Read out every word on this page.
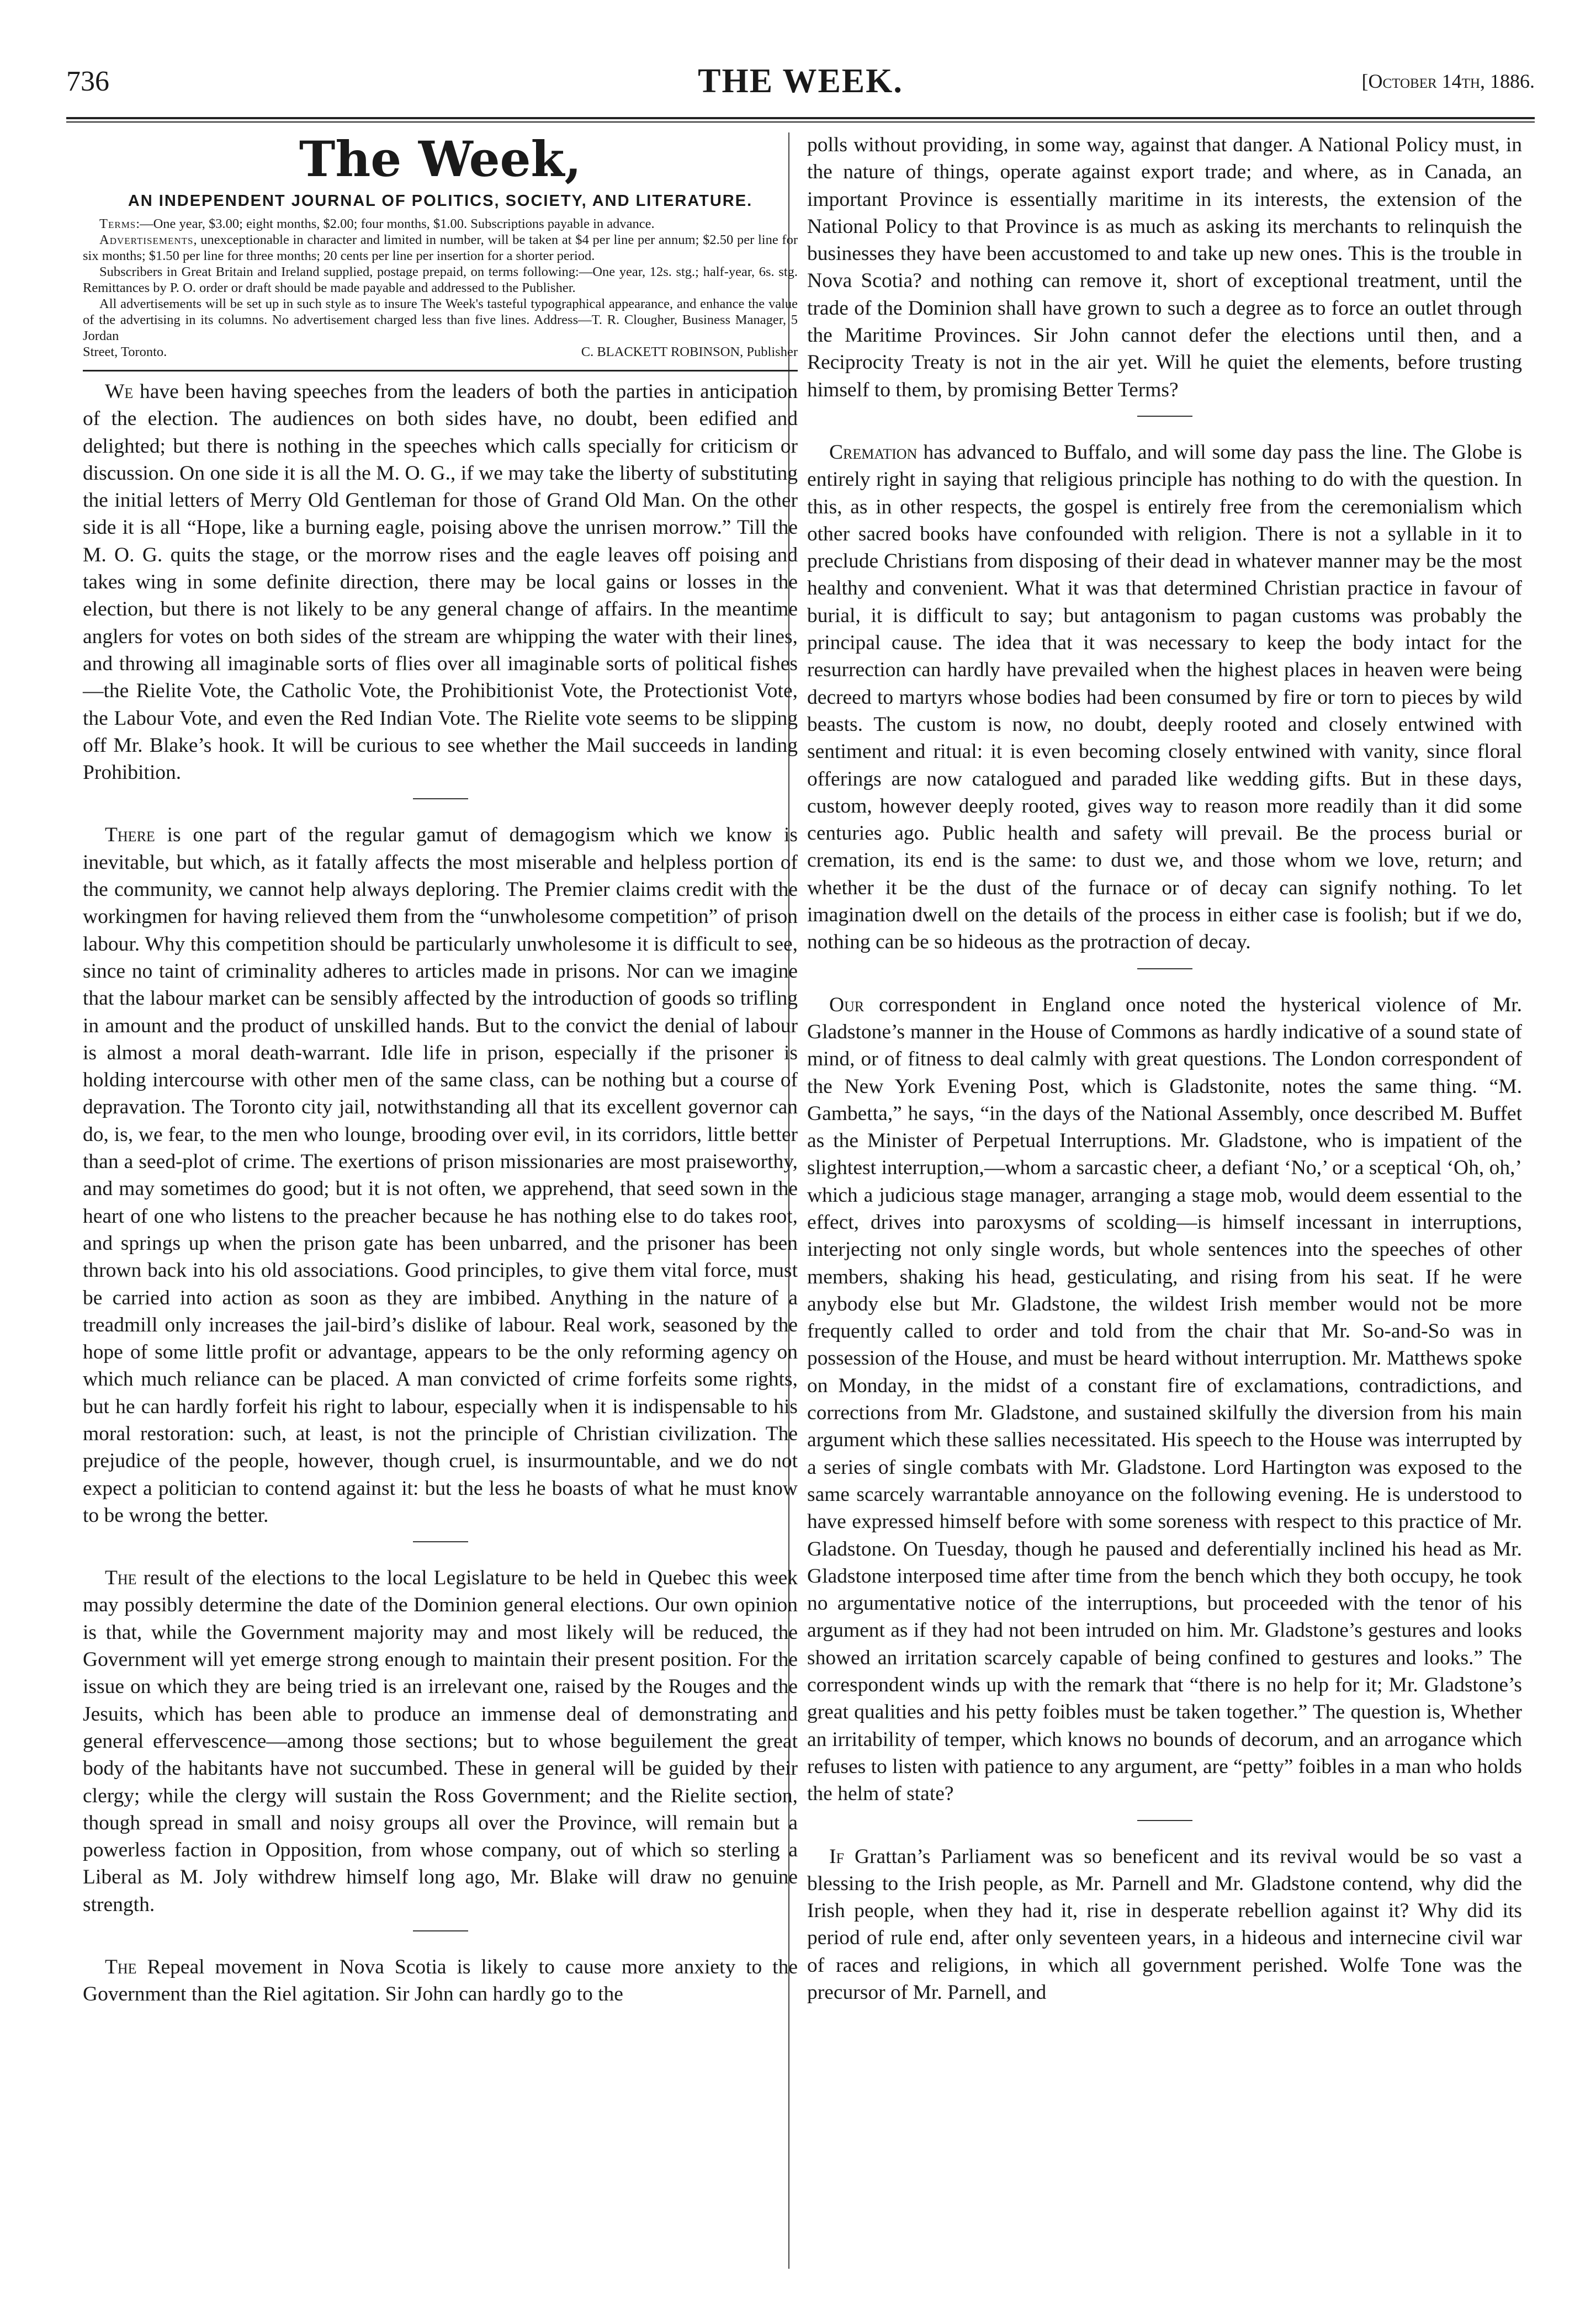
736	THE WEEK.	[October 14th, 1886.
The Week,
AN INDEPENDENT JOURNAL OF POLITICS, SOCIETY, AND LITERATURE.

Terms:—One year, $3.00; eight months, $2.00; four months, $1.00. Subscriptions payable in advance.

Advertisements, unexceptionable in character and limited in number, will be taken at $4 per line per annum; $2.50 per line for six months; $1.50 per line for three months; 20 cents per line per insertion for a shorter period.

Subscribers in Great Britain and Ireland supplied, postage prepaid, on terms following:—One year, 12s. stg.; half-year, 6s. stg. Remittances by P. O. order or draft should be made payable and addressed to the Publisher.

All advertisements will be set up in such style as to insure The Week's tasteful typographical appearance, and enhance the value of the advertising in its columns. No advertisement charged less than five lines. Address—T. R. Clougher, Business Manager, 5 Jordan

Street, Toronto.	C. BLACKETT ROBINSON, Publisher

We have been having speeches from the leaders of both the parties in anticipation of the election. The audiences on both sides have, no doubt, been edified and delighted; but there is nothing in the speeches which calls specially for criticism or discussion. On one side it is all the M. O. G., if we may take the liberty of substituting the initial letters of Merry Old Gentleman for those of Grand Old Man. On the other side it is all “Hope, like a burning eagle, poising above the unrisen morrow.” Till the M. O. G. quits the stage, or the morrow rises and the eagle leaves off poising and takes wing in some definite direction, there may be local gains or losses in the election, but there is not likely to be any general change of affairs. In the meantime anglers for votes on both sides of the stream are whipping the water with their lines, and throwing all imaginable sorts of flies over all imaginable sorts of political fishes—the Rielite Vote, the Catholic Vote, the Prohibitionist Vote, the Protectionist Vote, the Labour Vote, and even the Red Indian Vote. The Rielite vote seems to be slipping off Mr. Blake’s hook. It will be curious to see whether the Mail succeeds in landing Prohibition.

There is one part of the regular gamut of demagogism which we know is inevitable, but which, as it fatally affects the most miserable and helpless portion of the community, we cannot help always deploring. The Premier claims credit with the workingmen for having relieved them from the “unwholesome competition” of prison labour. Why this competition should be particularly unwholesome it is difficult to see, since no taint of criminality adheres to articles made in prisons. Nor can we imagine that the labour market can be sensibly affected by the introduction of goods so trifling in amount and the product of unskilled hands. But to the convict the denial of labour is almost a moral death-warrant. Idle life in prison, especially if the prisoner is holding intercourse with other men of the same class, can be nothing but a course of depravation. The Toronto city jail, notwithstanding all that its excellent governor can do, is, we fear, to the men who lounge, brooding over evil, in its corridors, little better than a seed-plot of crime. The exertions of prison missionaries are most praiseworthy, and may sometimes do good; but it is not often, we apprehend, that seed sown in the heart of one who listens to the preacher because he has nothing else to do takes root, and springs up when the prison gate has been unbarred, and the prisoner has been thrown back into his old associations. Good principles, to give them vital force, must be carried into action as soon as they are imbibed. Anything in the nature of a treadmill only increases the jail-bird’s dislike of labour. Real work, seasoned by the hope of some little profit or advantage, appears to be the only reforming agency on which much reliance can be placed. A man convicted of crime forfeits some rights, but he can hardly forfeit his right to labour, especially when it is indispensable to his moral restoration: such, at least, is not the principle of Christian civilization. The prejudice of the people, however, though cruel, is insurmountable, and we do not expect a politician to contend against it: but the less he boasts of what he must know to be wrong the better.

The result of the elections to the local Legislature to be held in Quebec this week may possibly determine the date of the Dominion general elections. Our own opinion is that, while the Government majority may and most likely will be reduced, the Government will yet emerge strong enough to maintain their present position. For the issue on which they are being tried is an irrelevant one, raised by the Rouges and the Jesuits, which has been able to produce an immense deal of demonstrating and general effervescence—among those sections; but to whose beguilement the great body of the habitants have not succumbed. These in general will be guided by their clergy; while the clergy will sustain the Ross Government; and the Rielite section, though spread in small and noisy groups all over the Province, will remain but a powerless faction in Opposition, from whose company, out of which so sterling a Liberal as M. Joly withdrew himself long ago, Mr. Blake will draw no genuine strength.

The Repeal movement in Nova Scotia is likely to cause more anxiety to the Government than the Riel agitation. Sir John can hardly go to the

polls without providing, in some way, against that danger. A National Policy must, in the nature of things, operate against export trade; and where, as in Canada, an important Province is essentially maritime in its interests, the extension of the National Policy to that Province is as much as asking its merchants to relinquish the businesses they have been accustomed to and take up new ones. This is the trouble in Nova Scotia? and nothing can remove it, short of exceptional treatment, until the trade of the Dominion shall have grown to such a degree as to force an outlet through the Maritime Provinces. Sir John cannot defer the elections until then, and a Reciprocity Treaty is not in the air yet. Will he quiet the elements, before trusting himself to them, by promising Better Terms?

Cremation has advanced to Buffalo, and will some day pass the line. The Globe is entirely right in saying that religious principle has nothing to do with the question. In this, as in other respects, the gospel is entirely free from the ceremonialism which other sacred books have confounded with religion. There is not a syllable in it to preclude Christians from disposing of their dead in whatever manner may be the most healthy and convenient. What it was that determined Christian practice in favour of burial, it is difficult to say; but antagonism to pagan customs was probably the principal cause. The idea that it was necessary to keep the body intact for the resurrection can hardly have prevailed when the highest places in heaven were being decreed to martyrs whose bodies had been consumed by fire or torn to pieces by wild beasts. The custom is now, no doubt, deeply rooted and closely entwined with sentiment and ritual: it is even becoming closely entwined with vanity, since floral offerings are now catalogued and paraded like wedding gifts. But in these days, custom, however deeply rooted, gives way to reason more readily than it did some centuries ago. Public health and safety will prevail. Be the process burial or cremation, its end is the same: to dust we, and those whom we love, return; and whether it be the dust of the furnace or of decay can signify nothing. To let imagination dwell on the details of the process in either case is foolish; but if we do, nothing can be so hideous as the protraction of decay.

Our correspondent in England once noted the hysterical violence of Mr. Gladstone’s manner in the House of Commons as hardly indicative of a sound state of mind, or of fitness to deal calmly with great questions. The London correspondent of the New York Evening Post, which is Gladstonite, notes the same thing. “M. Gambetta,” he says, “in the days of the National Assembly, once described M. Buffet as the Minister of Perpetual Interruptions. Mr. Gladstone, who is impatient of the slightest interruption,—whom a sarcastic cheer, a defiant ‘No,’ or a sceptical ‘Oh, oh,’ which a judicious stage manager, arranging a stage mob, would deem essential to the effect, drives into paroxysms of scolding—is himself incessant in interruptions, interjecting not only single words, but whole sentences into the speeches of other members, shaking his head, gesticulating, and rising from his seat. If he were anybody else but Mr. Gladstone, the wildest Irish member would not be more frequently called to order and told from the chair that Mr. So-and-So was in possession of the House, and must be heard without interruption. Mr. Matthews spoke on Monday, in the midst of a constant fire of exclamations, contradictions, and corrections from Mr. Gladstone, and sustained skilfully the diversion from his main argument which these sallies necessitated. His speech to the House was interrupted by a series of single combats with Mr. Gladstone. Lord Hartington was exposed to the same scarcely warrantable annoyance on the following evening. He is understood to have expressed himself before with some soreness with respect to this practice of Mr. Gladstone. On Tuesday, though he paused and deferentially inclined his head as Mr. Gladstone interposed time after time from the bench which they both occupy, he took no argumentative notice of the interruptions, but proceeded with the tenor of his argument as if they had not been intruded on him. Mr. Gladstone’s gestures and looks showed an irritation scarcely capable of being confined to gestures and looks.” The correspondent winds up with the remark that “there is no help for it; Mr. Gladstone’s great qualities and his petty foibles must be taken together.” The question is, Whether an irritability of temper, which knows no bounds of decorum, and an arrogance which refuses to listen with patience to any argument, are “petty” foibles in a man who holds the helm of state?

If Grattan’s Parliament was so beneficent and its revival would be so vast a blessing to the Irish people, as Mr. Parnell and Mr. Gladstone contend, why did the Irish people, when they had it, rise in desperate rebellion against it? Why did its period of rule end, after only seventeen years, in a hideous and internecine civil war of races and religions, in which all government perished. Wolfe Tone was the precursor of Mr. Parnell, and
